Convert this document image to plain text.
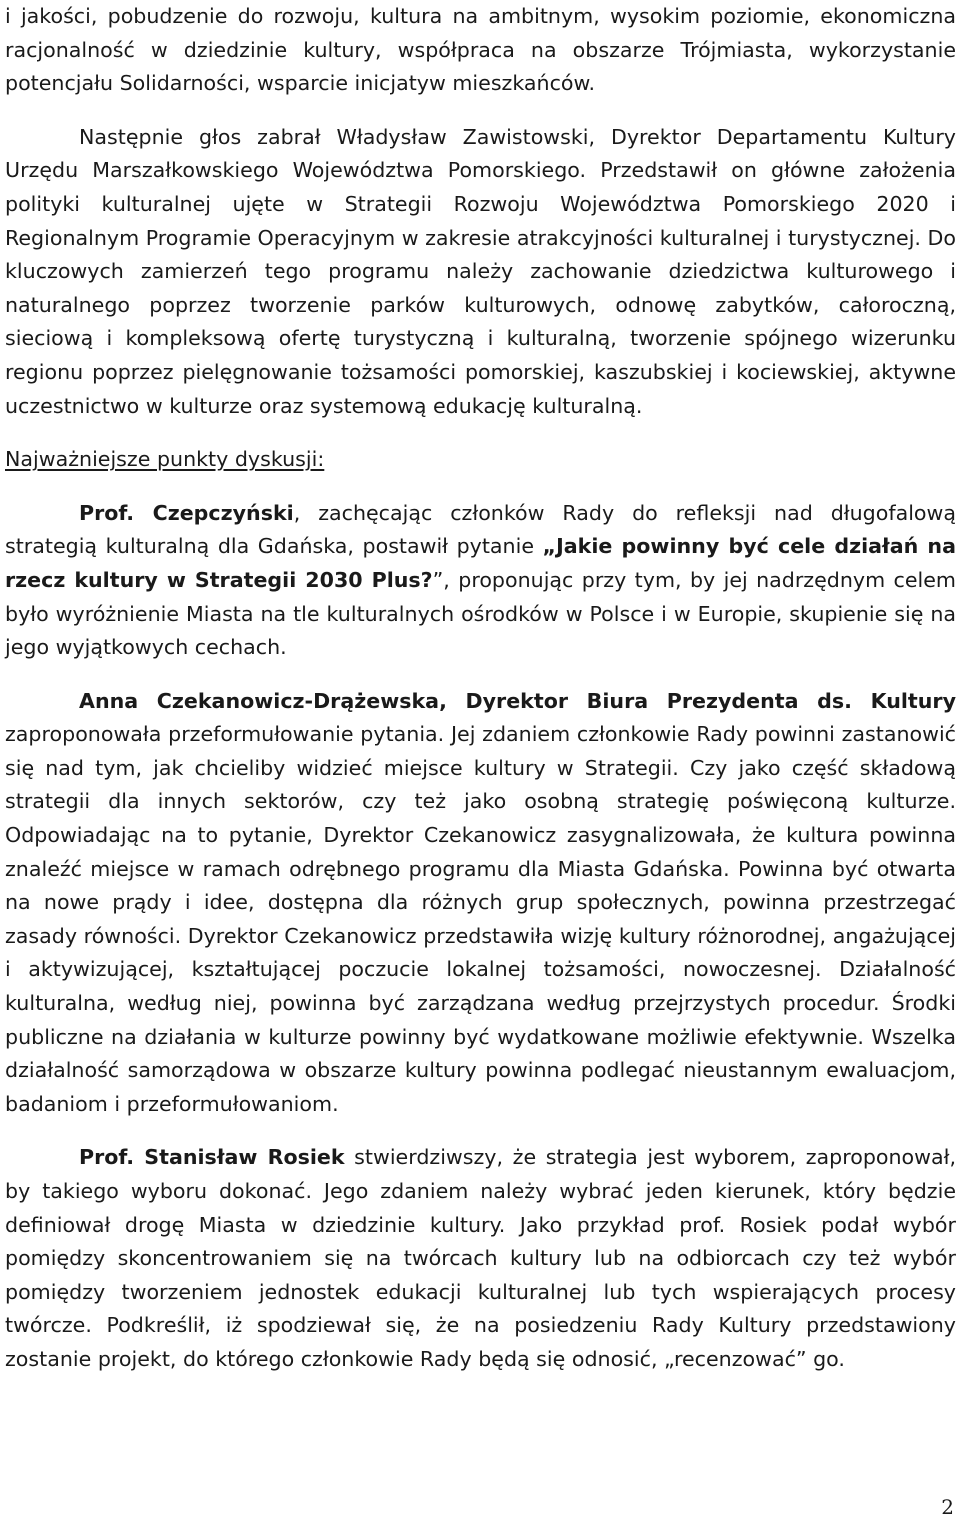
i jakości, pobudzenie do rozwoju, kultura na ambitnym, wysokim poziomie, ekonomiczna racjonalność w dziedzinie kultury, współpraca na obszarze Trójmiasta, wykorzystanie potencjału Solidarności, wsparcie inicjatyw mieszkańców.

Następnie głos zabrał Władysław Zawistowski, Dyrektor Departamentu Kultury Urzędu Marszałkowskiego Województwa Pomorskiego. Przedstawił on główne założenia polityki kulturalnej ujęte w Strategii Rozwoju Województwa Pomorskiego 2020 i Regionalnym Programie Operacyjnym w zakresie atrakcyjności kulturalnej i turystycznej. Do kluczowych zamierzeń tego programu należy zachowanie dziedzictwa kulturowego i naturalnego poprzez tworzenie parków kulturowych, odnowę zabytków, całoroczną, sieciową i kompleksową ofertę turystyczną i kulturalną, tworzenie spójnego wizerunku regionu poprzez pielęgnowanie tożsamości pomorskiej, kaszubskiej i kociewskiej, aktywne uczestnictwo w kulturze oraz systemową edukację kulturalną.

Najważniejsze punkty dyskusji:

Prof. Czepczyński, zachęcając członków Rady do refleksji nad długofalową strategią kulturalną dla Gdańska, postawił pytanie „Jakie powinny być cele działań na rzecz kultury w Strategii 2030 Plus?”, proponując przy tym, by jej nadrzędnym celem było wyróżnienie Miasta na tle kulturalnych ośrodków w Polsce i w Europie, skupienie się na jego wyjątkowych cechach.

Anna Czekanowicz-Drążewska, Dyrektor Biura Prezydenta ds. Kultury zaproponowała przeformułowanie pytania. Jej zdaniem członkowie Rady powinni zastanowić się nad tym, jak chcieliby widzieć miejsce kultury w Strategii. Czy jako część składową strategii dla innych sektorów, czy też jako osobną strategię poświęconą kulturze. Odpowiadając na to pytanie, Dyrektor Czekanowicz zasygnalizowała, że kultura powinna znaleźć miejsce w ramach odrębnego programu dla Miasta Gdańska. Powinna być otwarta na nowe prądy i idee, dostępna dla różnych grup społecznych, powinna przestrzegać zasady równości. Dyrektor Czekanowicz przedstawiła wizję kultury różnorodnej, angażującej i aktywizującej, kształtującej poczucie lokalnej tożsamości, nowoczesnej. Działalność kulturalna, według niej, powinna być zarządzana według przejrzystych procedur. Środki publiczne na działania w kulturze powinny być wydatkowane możliwie efektywnie. Wszelka działalność samorządowa w obszarze kultury powinna podlegać nieustannym ewaluacjom, badaniom i przeformułowaniom.

Prof. Stanisław Rosiek stwierdziwszy, że strategia jest wyborem, zaproponował, by takiego wyboru dokonać. Jego zdaniem należy wybrać jeden kierunek, który będzie definiował drogę Miasta w dziedzinie kultury. Jako przykład prof. Rosiek podał wybór pomiędzy skoncentrowaniem się na twórcach kultury lub na odbiorcach czy też wybór pomiędzy tworzeniem jednostek edukacji kulturalnej lub tych wspierających procesy twórcze. Podkreślił, iż spodziewał się, że na posiedzeniu Rady Kultury przedstawiony zostanie projekt, do którego członkowie Rady będą się odnosić, „recenzować” go.

2
